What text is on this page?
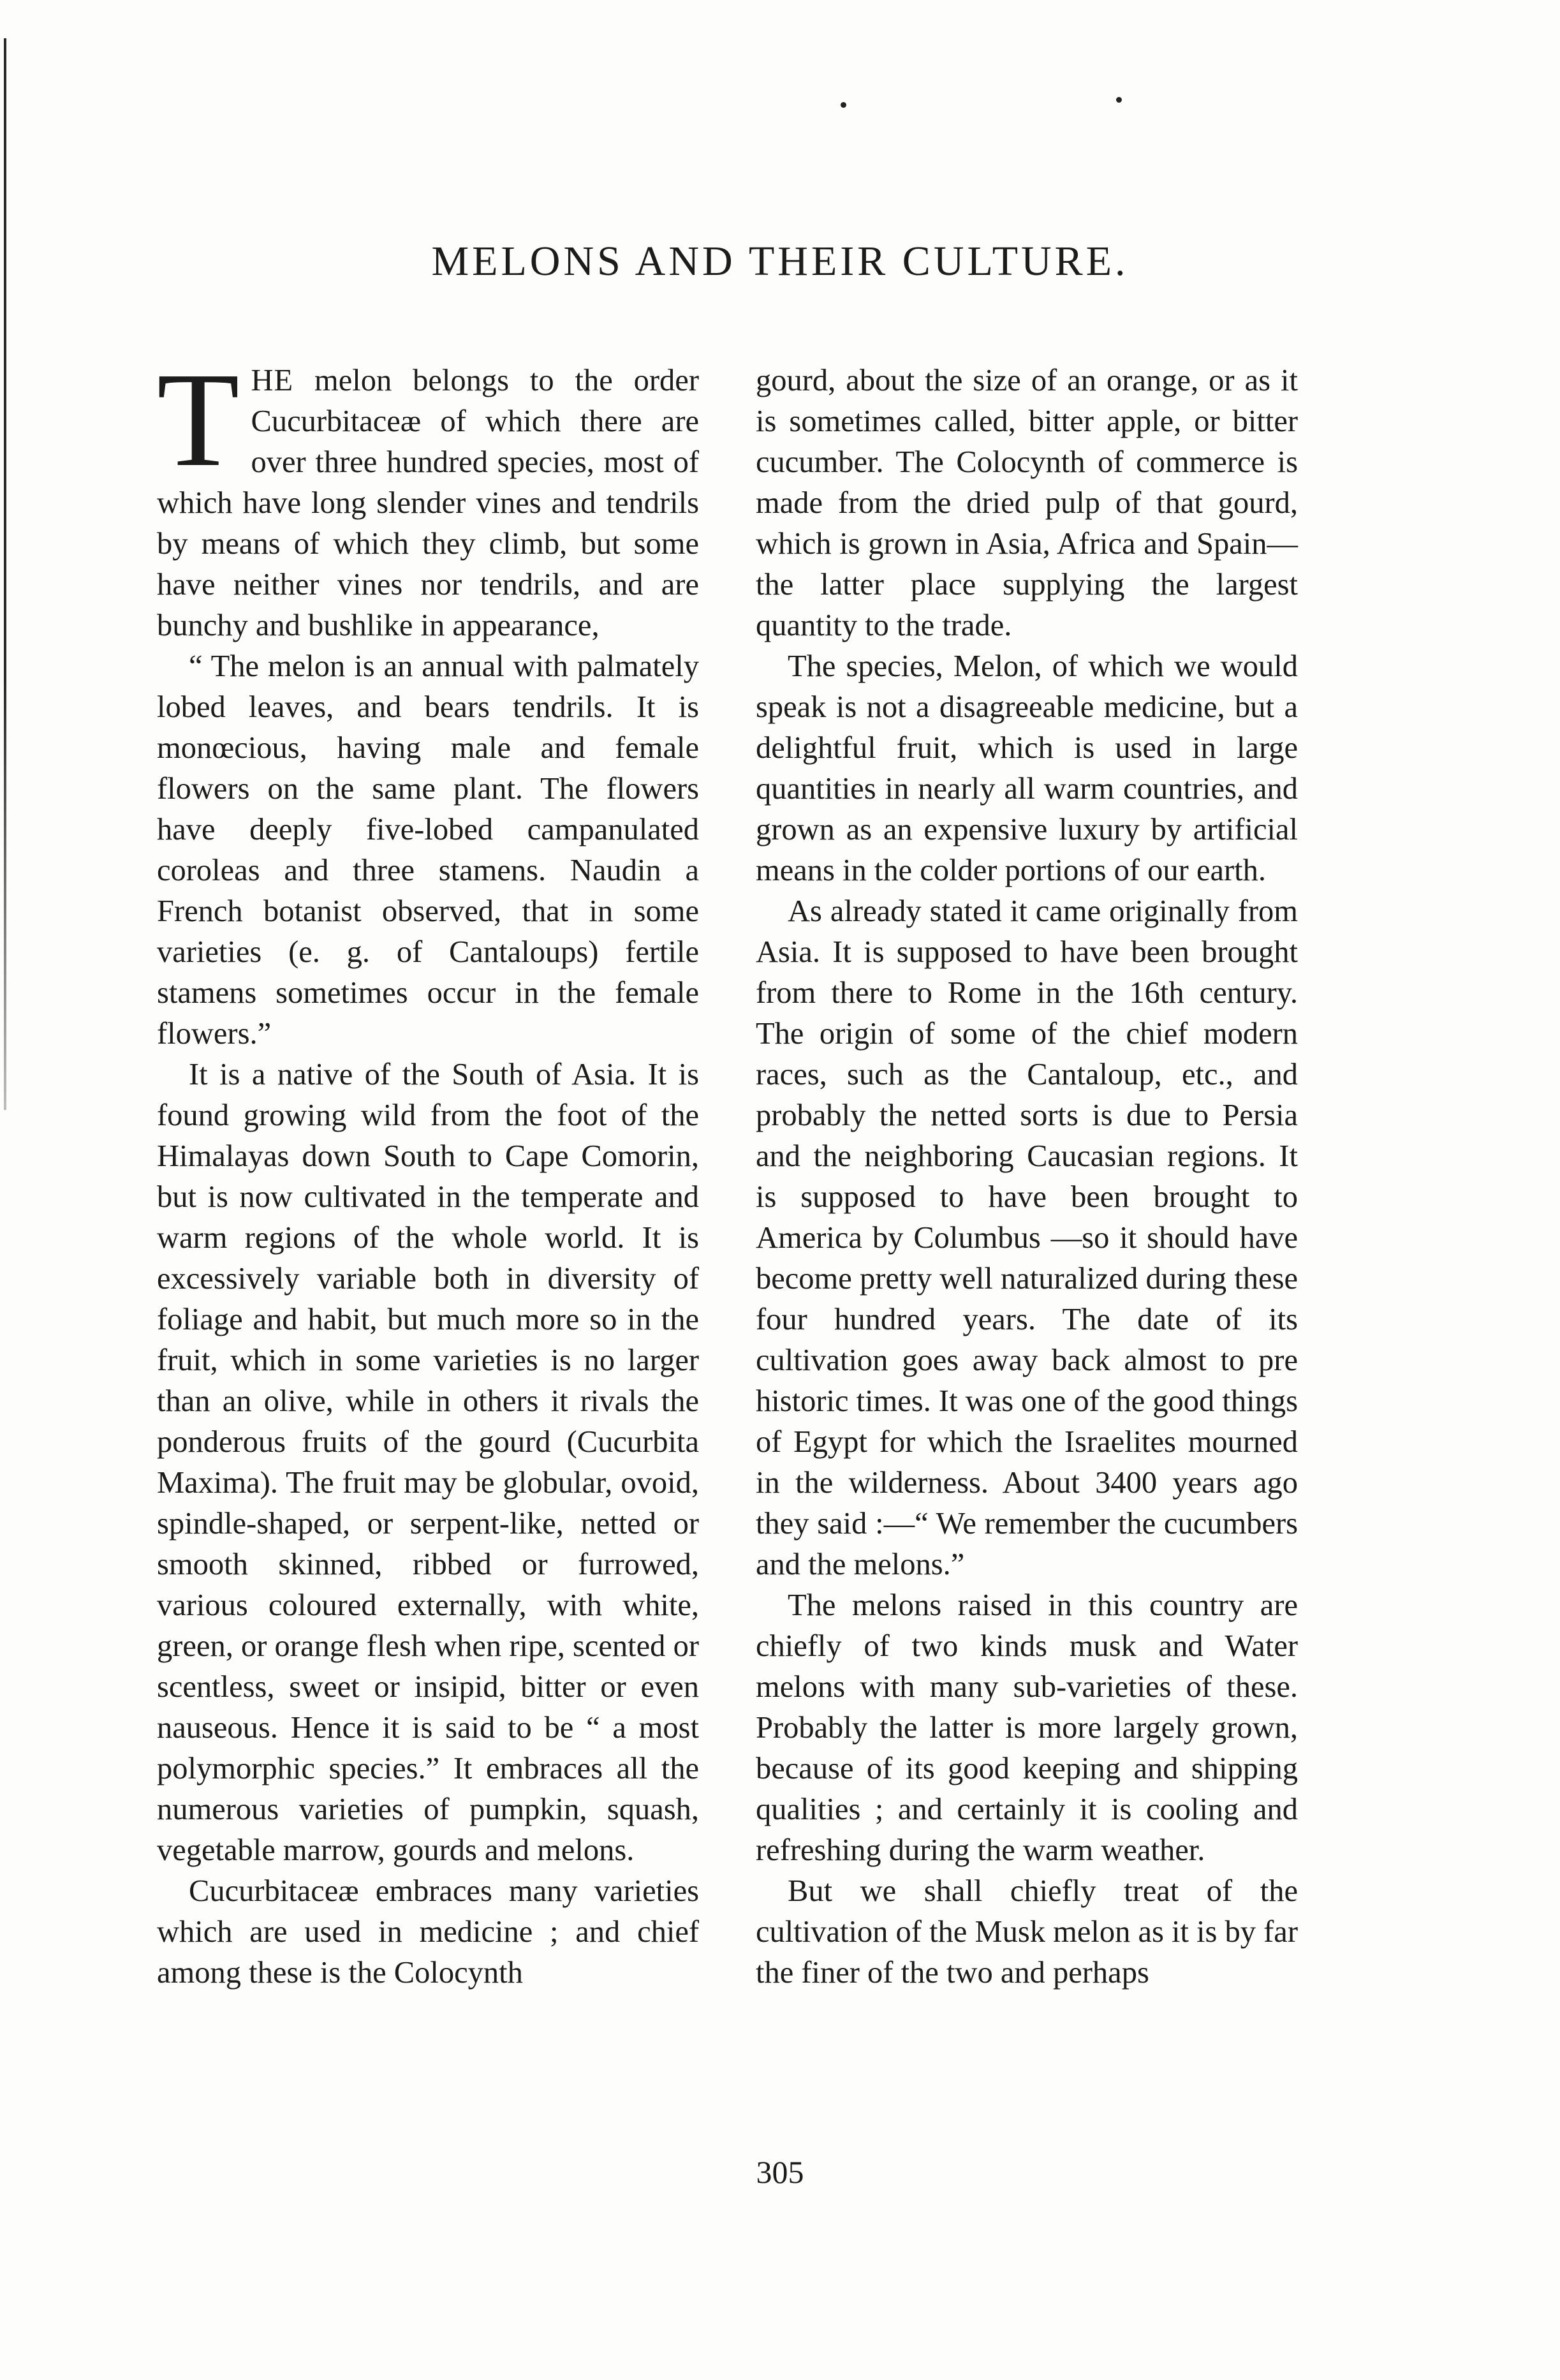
MELONS AND THEIR CULTURE.

THE melon belongs to the order Cucurbitaceæ of which there are over three hundred species, most of which have long slender vines and tendrils by means of which they climb, but some have neither vines nor tendrils, and are bunchy and bushlike in appearance,

“ The melon is an annual with palmately lobed leaves, and bears tendrils. It is monœcious, having male and female flowers on the same plant. The flowers have deeply five-lobed campanulated coroleas and three stamens. Naudin a French botanist observed, that in some varieties (e. g. of Cantaloups) fertile stamens sometimes occur in the female flowers.”

It is a native of the South of Asia. It is found growing wild from the foot of the Himalayas down South to Cape Comorin, but is now cultivated in the temperate and warm regions of the whole world. It is excessively variable both in diversity of foliage and habit, but much more so in the fruit, which in some varieties is no larger than an olive, while in others it rivals the ponderous fruits of the gourd (Cucurbita Maxima). The fruit may be globular, ovoid, spindle-shaped, or serpent-like, netted or smooth skinned, ribbed or furrowed, various coloured externally, with white, green, or orange flesh when ripe, scented or scentless, sweet or insipid, bitter or even nauseous. Hence it is said to be “ a most polymorphic species.” It embraces all the numerous varieties of pumpkin, squash, vegetable marrow, gourds and melons.

Cucurbitaceæ embraces many varieties which are used in medicine ; and chief among these is the Colocynth

gourd, about the size of an orange, or as it is sometimes called, bitter apple, or bitter cucumber. The Colocynth of commerce is made from the dried pulp of that gourd, which is grown in Asia, Africa and Spain—the latter place supplying the largest quantity to the trade.

The species, Melon, of which we would speak is not a disagreeable medicine, but a delightful fruit, which is used in large quantities in nearly all warm countries, and grown as an expensive luxury by artificial means in the colder portions of our earth.

As already stated it came originally from Asia. It is supposed to have been brought from there to Rome in the 16th century. The origin of some of the chief modern races, such as the Cantaloup, etc., and probably the netted sorts is due to Persia and the neighboring Caucasian regions. It is supposed to have been brought to America by Columbus —so it should have become pretty well naturalized during these four hundred years. The date of its cultivation goes away back almost to pre historic times. It was one of the good things of Egypt for which the Israelites mourned in the wilderness. About 3400 years ago they said :—“ We remember the cucumbers and the melons.”

The melons raised in this country are chiefly of two kinds musk and Water melons with many sub-varieties of these. Probably the latter is more largely grown, because of its good keeping and shipping qualities ; and certainly it is cooling and refreshing during the warm weather.

But we shall chiefly treat of the cultivation of the Musk melon as it is by far the finer of the two and perhaps

305
